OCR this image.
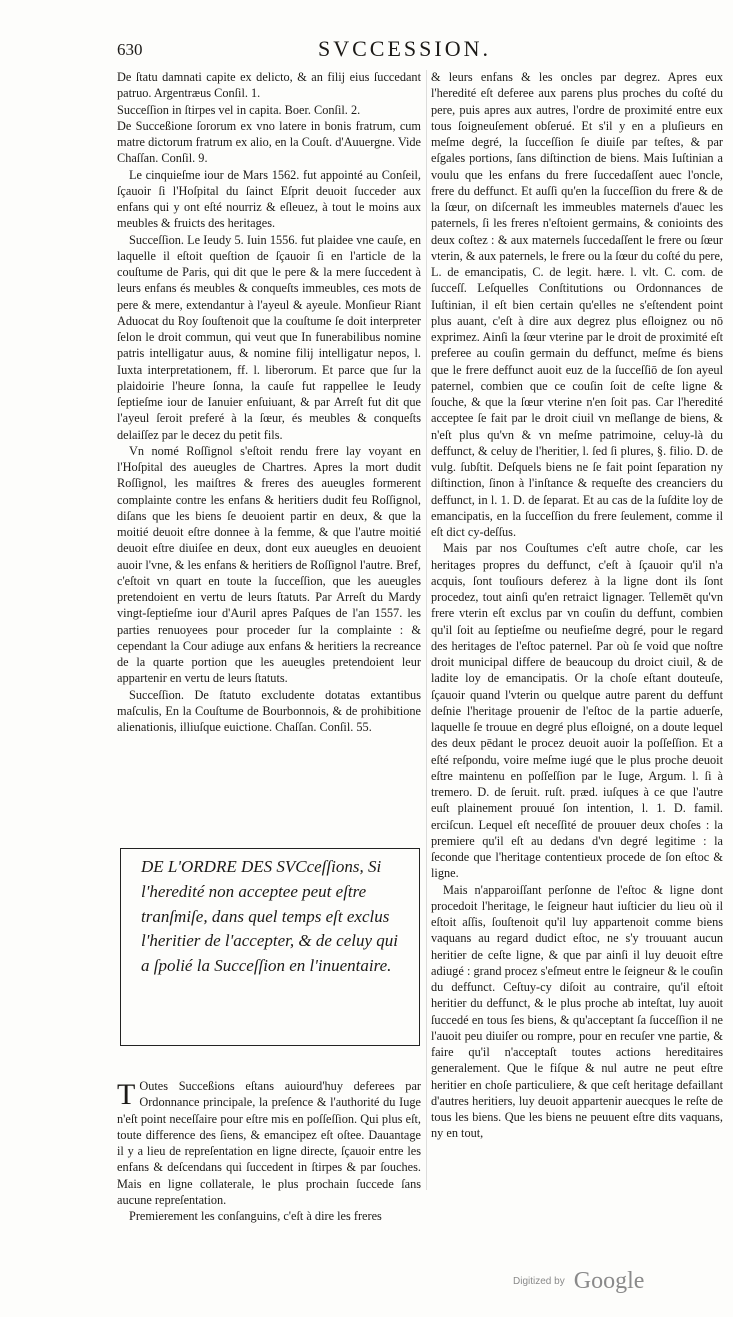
630	SVCCESSION.

De ſtatu damnati capite ex delicto, & an filij eius ſuccedant patruo. Argentræus Conſil. 1.

Succeſſion in ſtirpes vel in capita. Boer. Conſil. 2.

De Succeßione ſororum ex vno latere in bonis fratrum, cum matre dictorum fratrum ex alio, en la Couſt. d'Auuergne. Vide Chaſſan. Conſil. 9.

Le cinquieſme iour de Mars 1562. fut appointé au Conſeil, ſçauoir ſi l'Hoſpital du ſainct Eſprit deuoit ſucceder aux enfans qui y ont eſté nourriz & eſleuez, à tout le moins aux meubles & fruicts des heritages.

Succeſſion. Le Ieudy 5. Iuin 1556. fut plaidee vne cauſe, en laquelle il eſtoit queſtion de ſçauoir ſi en l'article de la couſtume de Paris, qui dit que le pere & la mere ſuccedent à leurs enfans és meubles & conqueſts immeubles, ces mots de pere & mere, extendantur à l'ayeul & ayeule. Monſieur Riant Aduocat du Roy ſouſtenoit que la couſtume ſe doit interpreter ſelon le droit commun, qui veut que In funerabilibus nomine patris intelligatur auus, & nomine filij intelligatur nepos, l. Iuxta interpretationem, ff. l. liberorum. Et parce que ſur la plaidoirie l'heure ſonna, la cauſe fut rappellee le Ieudy ſeptieſme iour de Ianuier enſuiuant, & par Arreſt fut dit que l'ayeul ſeroit preferé à la ſœur, és meubles & conqueſts delaiſſez par le decez du petit fils.

Vn nomé Roſſignol s'eſtoit rendu frere lay voyant en l'Hoſpital des aueugles de Chartres. Apres la mort dudit Roſſignol, les maiſtres & freres des aueugles formerent complainte contre les enfans & heritiers dudit feu Roſſignol, diſans que les biens ſe deuoient partir en deux, & que la moitié deuoit eſtre donnee à la femme, & que l'autre moitié deuoit eſtre diuiſee en deux, dont eux aueugles en deuoient auoir l'vne, & les enfans & heritiers de Roſſignol l'autre. Bref, c'eſtoit vn quart en toute la ſucceſſion, que les aueugles pretendoient en vertu de leurs ſtatuts. Par Arreſt du Mardy vingt-ſeptieſme iour d'Auril apres Paſques de l'an 1557. les parties renuoyees pour proceder ſur la complainte : & cependant la Cour adiuge aux enfans & heritiers la recreance de la quarte portion que les aueugles pretendoient leur appartenir en vertu de leurs ſtatuts.

Succeſſion. De ſtatuto excludente dotatas extantibus maſculis, En la Couſtume de Bourbonnois, & de prohibitione alienationis, illiuſque euictione. Chaſſan. Conſil. 55.

DE L'ORDRE DES SVCceſſions, Si l'heredité non acceptee peut eſtre tranſmiſe, dans quel temps eſt exclus l'heritier de l'accepter, & de celuy qui a ſpolié la Succeſſion en l'inuentaire.

T Outes Succeßions eſtans auiourd'huy deferees par Ordonnance principale, la preſence & l'authorité du Iuge n'eſt point neceſſaire pour eſtre mis en poſſeſſion. Qui plus eſt, toute difference des ſiens, & emancipez eſt oſtee. Dauantage il y a lieu de repreſentation en ligne directe, ſçauoir entre les enfans & deſcendans qui ſuccedent in ſtirpes & par ſouches. Mais en ligne collaterale, le plus prochain ſuccede ſans aucune repreſentation.

Premierement les conſanguins, c'eſt à dire les freres

& leurs enfans & les oncles par degrez. Apres eux l'heredité eſt deferee aux parens plus proches du coſté du pere, puis apres aux autres, l'ordre de proximité entre eux tous ſoigneuſement obſerué. Et s'il y en a pluſieurs en meſme degré, la ſucceſſion ſe diuiſe par teſtes, & par eſgales portions, ſans diſtinction de biens. Mais Iuſtinian a voulu que les enfans du frere ſuccedaſſent auec l'oncle, frere du deffunct. Et auſſi qu'en la ſucceſſion du frere & de la ſœur, on diſcernaſt les immeubles maternels d'auec les paternels, ſi les freres n'eſtoient germains, & conioints des deux coſtez : & aux maternels ſuccedaſſent le frere ou ſœur vterin, & aux paternels, le frere ou la ſœur du coſté du pere, L. de emancipatis, C. de legit. hære. l. vlt. C. com. de ſucceſſ. Leſquelles Conſtitutions ou Ordonnances de Iuſtinian, il eſt bien certain qu'elles ne s'eſtendent point plus auant, c'eſt à dire aux degrez plus eſloignez ou nō exprimez. Ainſi la ſœur vterine par le droit de proximité eſt preferee au couſin germain du deffunct, meſme és biens que le frere deffunct auoit euz de la ſucceſſiō de ſon ayeul paternel, combien que ce couſin ſoit de ceſte ligne & ſouche, & que la ſœur vterine n'en ſoit pas. Car l'heredité acceptee ſe fait par le droit ciuil vn meſlange de biens, & n'eſt plus qu'vn & vn meſme patrimoine, celuy-là du deffunct, & celuy de l'heritier, l. ſed ſi plures, §. filio. D. de vulg. ſubſtit. Deſquels biens ne ſe fait point ſeparation ny diſtinction, ſinon à l'inſtance & requeſte des creanciers du deffunct, in l. 1. D. de ſeparat. Et au cas de la ſuſdite loy de emancipatis, en la ſucceſſion du frere ſeulement, comme il eſt dict cy-deſſus.

Mais par nos Couſtumes c'eſt autre choſe, car les heritages propres du deffunct, c'eſt à ſçauoir qu'il n'a acquis, ſont touſiours deferez à la ligne dont ils ſont procedez, tout ainſi qu'en retraict lignager. Tellemēt qu'vn frere vterin eſt exclus par vn couſin du deffunt, combien qu'il ſoit au ſeptieſme ou neufieſme degré, pour le regard des heritages de l'eſtoc paternel. Par où ſe void que noſtre droit municipal differe de beaucoup du droict ciuil, & de ladite loy de emancipatis. Or la choſe eſtant douteuſe, ſçauoir quand l'vterin ou quelque autre parent du deffunt deſnie l'heritage prouenir de l'eſtoc de la partie aduerſe, laquelle ſe trouue en degré plus eſloigné, on a doute lequel des deux pēdant le procez deuoit auoir la poſſeſſion. Et a eſté reſpondu, voire meſme iugé que le plus proche deuoit eſtre maintenu en poſſeſſion par le Iuge, Argum. l. ſi à tremero. D. de ſeruit. ruſt. præd. iuſques à ce que l'autre euſt plainement prouué ſon intention, l. 1. D. famil. erciſcun. Lequel eſt neceſſité de prouuer deux choſes : la premiere qu'il eſt au dedans d'vn degré legitime : la ſeconde que l'heritage contentieux procede de ſon eſtoc & ligne.

Mais n'apparoiſſant perſonne de l'eſtoc & ligne dont procedoit l'heritage, le ſeigneur haut iuſticier du lieu où il eſtoit aſſis, ſouſtenoit qu'il luy appartenoit comme biens vaquans au regard dudict eſtoc, ne s'y trouuant aucun heritier de ceſte ligne, & que par ainſi il luy deuoit eſtre adiugé : grand procez s'eſmeut entre le ſeigneur & le couſin du deffunct. Ceſtuy-cy diſoit au contraire, qu'il eſtoit heritier du deffunct, & le plus proche ab inteſtat, luy auoit ſuccedé en tous ſes biens, & qu'acceptant ſa ſucceſſion il ne l'auoit peu diuiſer ou rompre, pour en recuſer vne partie, & faire qu'il n'acceptaſt toutes actions hereditaires generalement. Que le fiſque & nul autre ne peut eſtre heritier en choſe particuliere, & que ceſt heritage defaillant d'autres heritiers, luy deuoit appartenir auecques le reſte de tous les biens. Que les biens ne peuuent eſtre dits vaquans, ny en tout,

Digitized by Google
